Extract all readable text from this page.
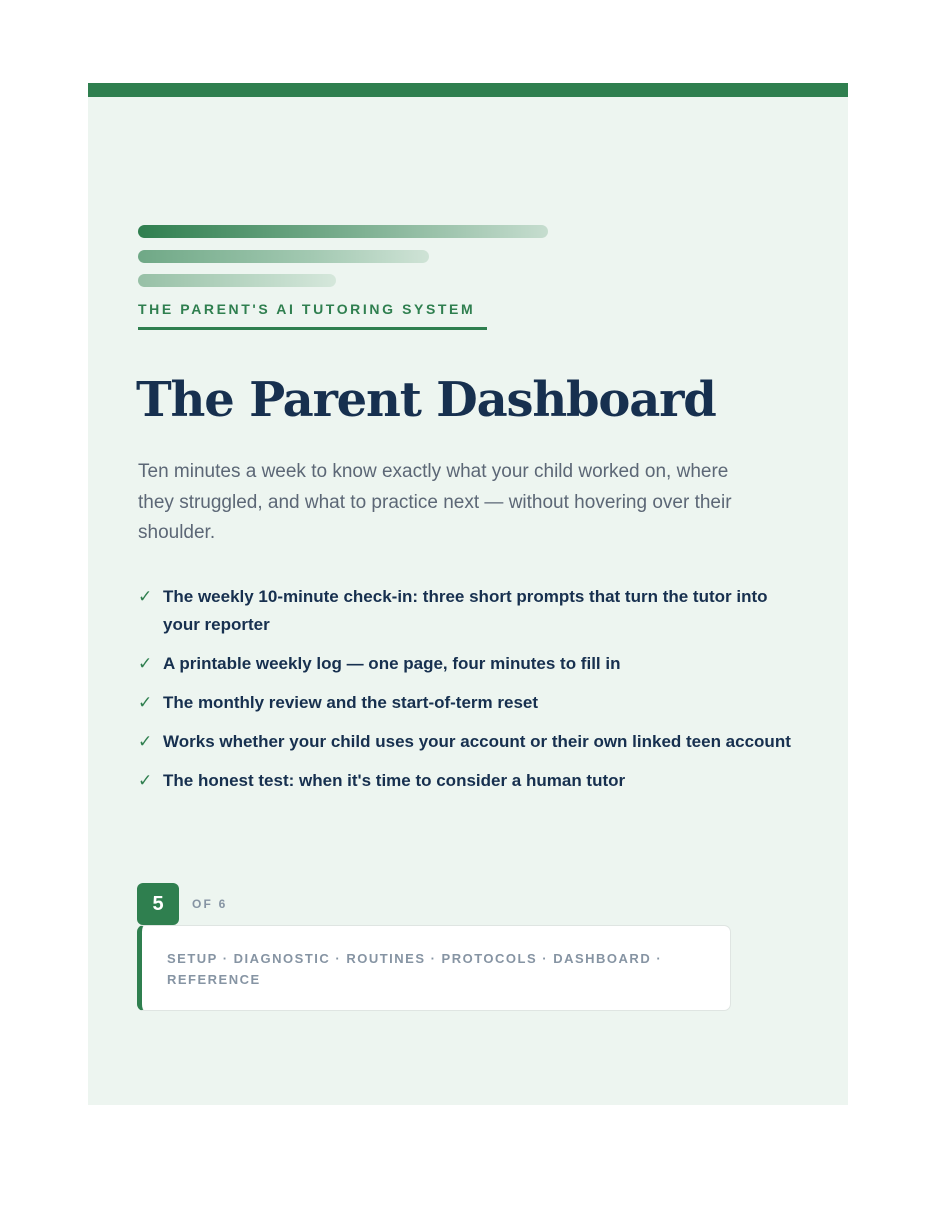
THE PARENT'S AI TUTORING SYSTEM
The Parent Dashboard

Ten minutes a week to know exactly what your child worked on, where they struggled, and what to practice next — without hovering over their shoulder.

✓ The weekly 10-minute check-in: three short prompts that turn the tutor into your reporter
✓ A printable weekly log — one page, four minutes to fill in
✓ The monthly review and the start-of-term reset
✓ Works whether your child uses your account or their own linked teen account
✓ The honest test: when it's time to consider a human tutor
5	OF 6
SETUP · DIAGNOSTIC · ROUTINES · PROTOCOLS · DASHBOARD · REFERENCE
